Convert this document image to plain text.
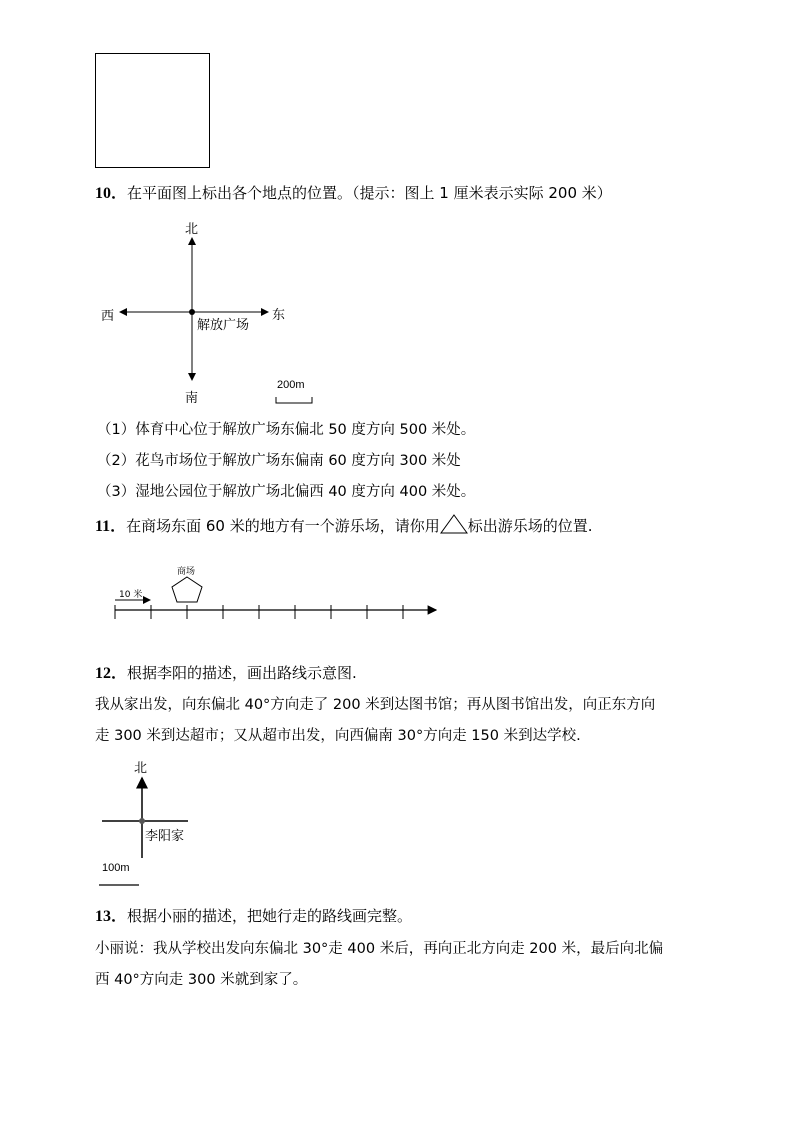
10．在平面图上标出各个地点的位置。（提示：图上 1 厘米表示实际 200 米）
北
南
东
西
解放广场
200m
（1）体育中心位于解放广场东偏北 50 度方向 500 米处。
（2）花鸟市场位于解放广场东偏南 60 度方向 300 米处
（3）湿地公园位于解放广场北偏西 40 度方向 400 米处。
11．在商场东面 60 米的地方有一个游乐场，请你用 标出游乐场的位置.
商场
10 米
12．根据李阳的描述，画出路线示意图.
我从家出发，向东偏北 40°方向走了 200 米到达图书馆；再从图书馆出发，向正东方向
走 300 米到达超市；又从超市出发，向西偏南 30°方向走 150 米到达学校.
北
李阳家
100m
13．根据小丽的描述，把她行走的路线画完整。
小丽说：我从学校出发向东偏北 30°走 400 米后，再向正北方向走 200 米，最后向北偏
西 40°方向走 300 米就到家了。
